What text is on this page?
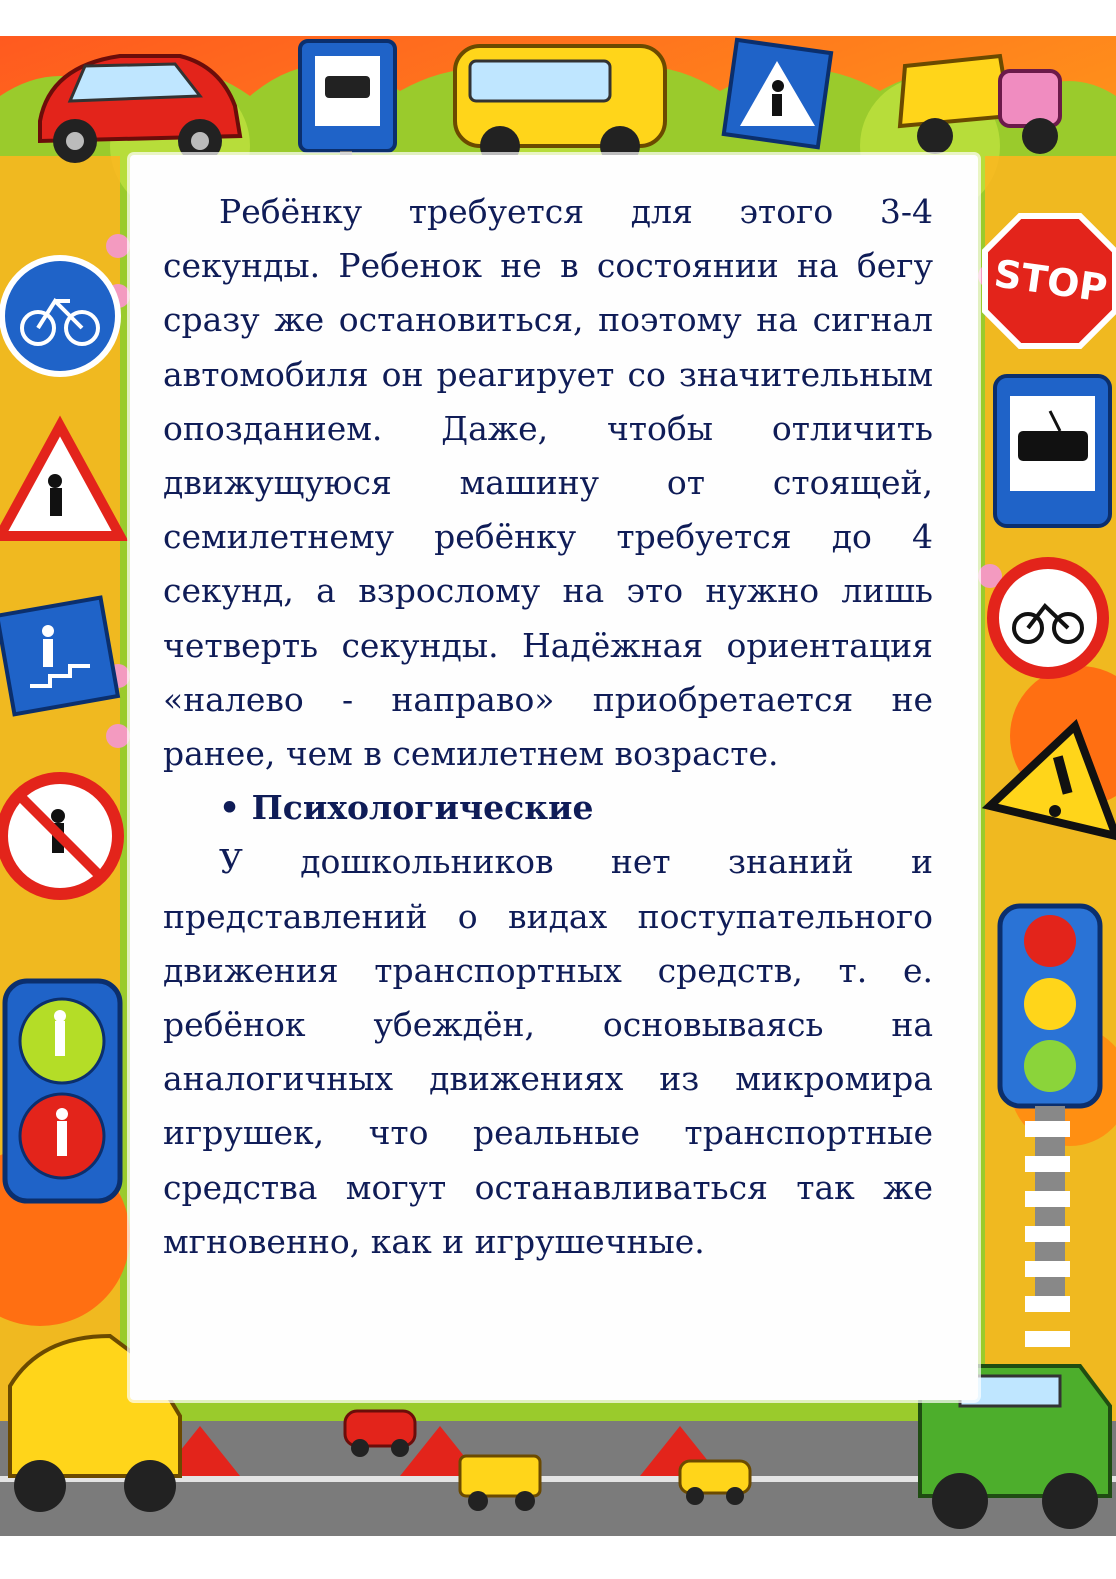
STOP

Ребёнку требуется для этого 3-4 секунды. Ребенок не в состоянии на бегу сразу же остановиться, поэтому на сигнал автомобиля он реагирует со значительным опозданием. Даже, чтобы отличить движущуюся машину от стоящей, семилетнему ребёнку требуется до 4 секунд, а взрослому на это нужно лишь четверть секунды. Надёжная ориентация «налево - направо» приобретается не ранее, чем в семилетнем возрасте.

• Психологические

У дошкольников нет знаний и представлений о видах поступательного движения транспортных средств, т. е. ребёнок убеждён, основываясь на аналогичных движениях из микромира игрушек, что реальные транспортные средства могут останавливаться так же мгновенно, как и игрушечные.
